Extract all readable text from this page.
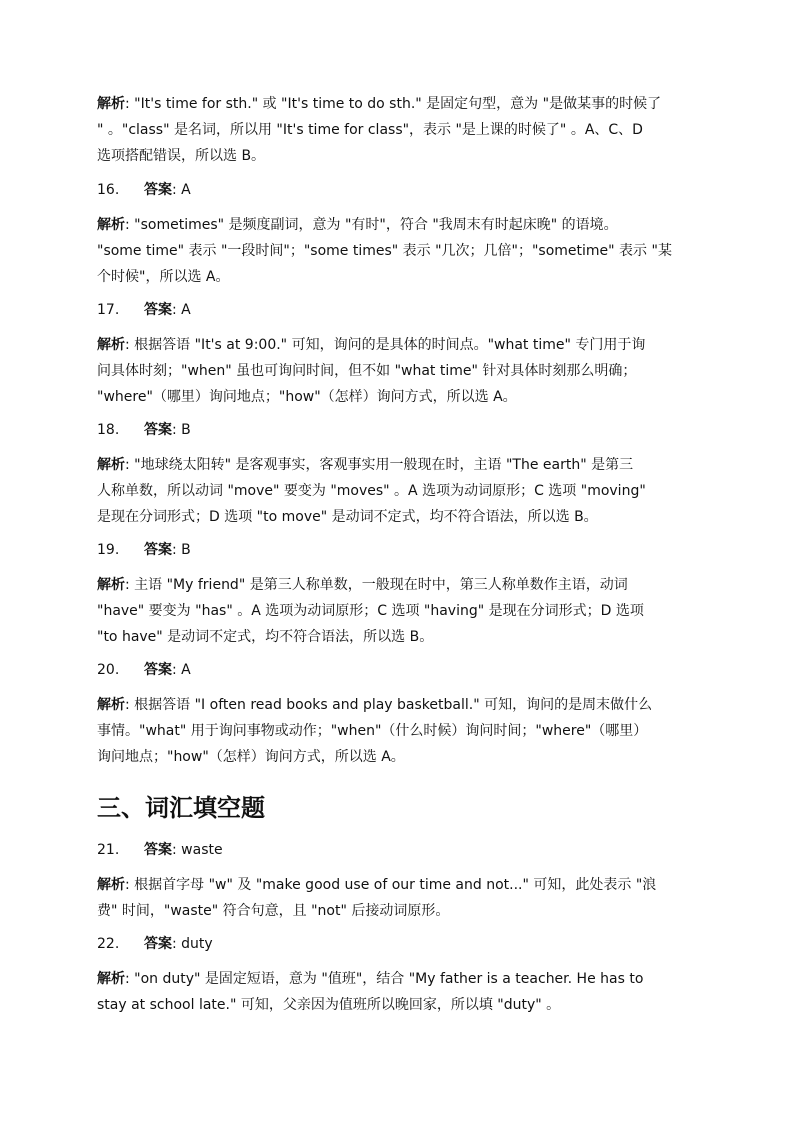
解析: "It's time for sth." 或 "It's time to do sth." 是固定句型，意为 "是做某事的时候了
" 。"class" 是名词，所以用 "It's time for class"，表示 "是上课的时候了" 。A、C、D
选项搭配错误，所以选 B。

16. 答案: A

解析: "sometimes" 是频度副词，意为 "有时"，符合 "我周末有时起床晚" 的语境。
"some time" 表示 "一段时间"；"some times" 表示 "几次；几倍"；"sometime" 表示 "某
个时候"，所以选 A。

17. 答案: A

解析: 根据答语 "It's at 9:00." 可知，询问的是具体的时间点。"what time" 专门用于询
问具体时刻；"when" 虽也可询问时间，但不如 "what time" 针对具体时刻那么明确；
"where"（哪里）询问地点；"how"（怎样）询问方式，所以选 A。

18. 答案: B

解析: "地球绕太阳转" 是客观事实，客观事实用一般现在时，主语 "The earth" 是第三
人称单数，所以动词 "move" 要变为 "moves" 。A 选项为动词原形；C 选项 "moving"
是现在分词形式；D 选项 "to move" 是动词不定式，均不符合语法，所以选 B。

19. 答案: B

解析: 主语 "My friend" 是第三人称单数，一般现在时中，第三人称单数作主语，动词
"have" 要变为 "has" 。A 选项为动词原形；C 选项 "having" 是现在分词形式；D 选项
"to have" 是动词不定式，均不符合语法，所以选 B。

20. 答案: A

解析: 根据答语 "I often read books and play basketball." 可知，询问的是周末做什么
事情。"what" 用于询问事物或动作；"when"（什么时候）询问时间；"where"（哪里）
询问地点；"how"（怎样）询问方式，所以选 A。

三、词汇填空题
21. 答案: waste

解析: 根据首字母 "w" 及 "make good use of our time and not..." 可知，此处表示 "浪
费" 时间，"waste" 符合句意，且 "not" 后接动词原形。

22. 答案: duty

解析: "on duty" 是固定短语，意为 "值班"，结合 "My father is a teacher. He has to
stay at school late." 可知，父亲因为值班所以晚回家，所以填 "duty" 。
